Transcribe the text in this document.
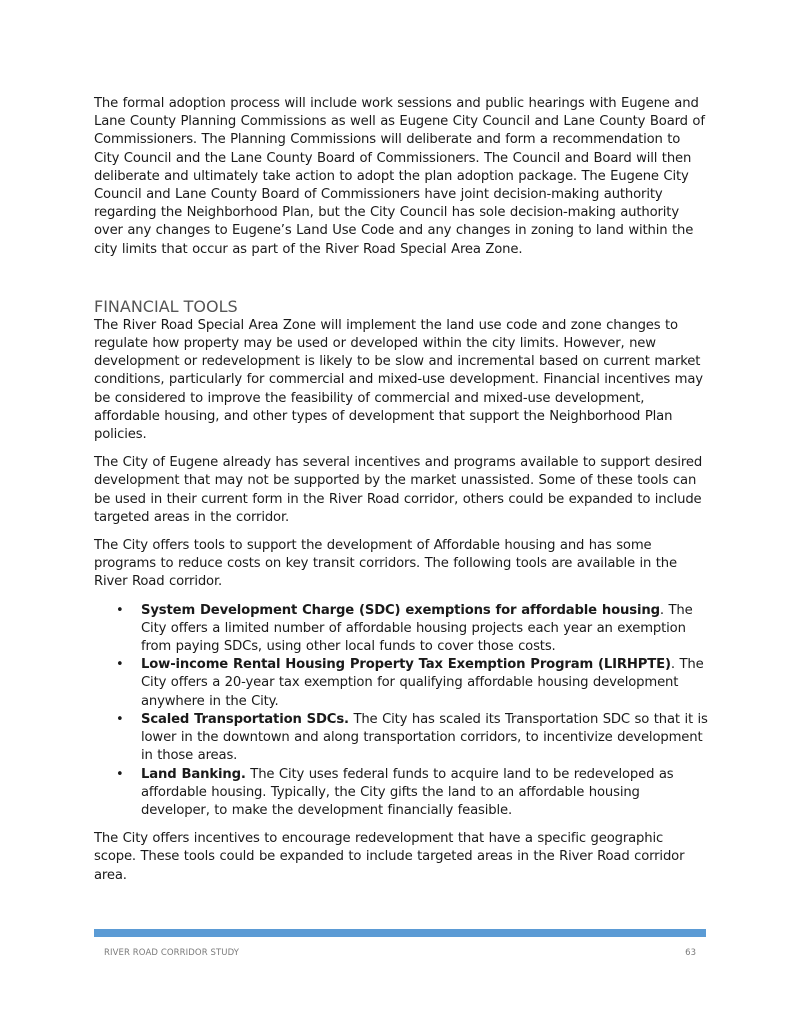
The formal adoption process will include work sessions and public hearings with Eugene and Lane County Planning Commissions as well as Eugene City Council and Lane County Board of Commissioners. The Planning Commissions will deliberate and form a recommendation to City Council and the Lane County Board of Commissioners. The Council and Board will then deliberate and ultimately take action to adopt the plan adoption package. The Eugene City Council and Lane County Board of Commissioners have joint decision-making authority regarding the Neighborhood Plan, but the City Council has sole decision-making authority over any changes to Eugene’s Land Use Code and any changes in zoning to land within the city limits that occur as part of the River Road Special Area Zone.

FINANCIAL TOOLS

The River Road Special Area Zone will implement the land use code and zone changes to regulate how property may be used or developed within the city limits. However, new development or redevelopment is likely to be slow and incremental based on current market conditions, particularly for commercial and mixed-use development. Financial incentives may be considered to improve the feasibility of commercial and mixed-use development, affordable housing, and other types of development that support the Neighborhood Plan policies.

The City of Eugene already has several incentives and programs available to support desired development that may not be supported by the market unassisted. Some of these tools can be used in their current form in the River Road corridor, others could be expanded to include targeted areas in the corridor.

The City offers tools to support the development of Affordable housing and has some programs to reduce costs on key transit corridors. The following tools are available in the River Road corridor.

• System Development Charge (SDC) exemptions for affordable housing. The City offers a limited number of affordable housing projects each year an exemption from paying SDCs, using other local funds to cover those costs.
• Low-income Rental Housing Property Tax Exemption Program (LIRHPTE). The City offers a 20-year tax exemption for qualifying affordable housing development anywhere in the City.
• Scaled Transportation SDCs. The City has scaled its Transportation SDC so that it is lower in the downtown and along transportation corridors, to incentivize development in those areas.
• Land Banking. The City uses federal funds to acquire land to be redeveloped as affordable housing. Typically, the City gifts the land to an affordable housing developer, to make the development financially feasible.

The City offers incentives to encourage redevelopment that have a specific geographic scope. These tools could be expanded to include targeted areas in the River Road corridor area.

RIVER ROAD CORRIDOR STUDY	63
